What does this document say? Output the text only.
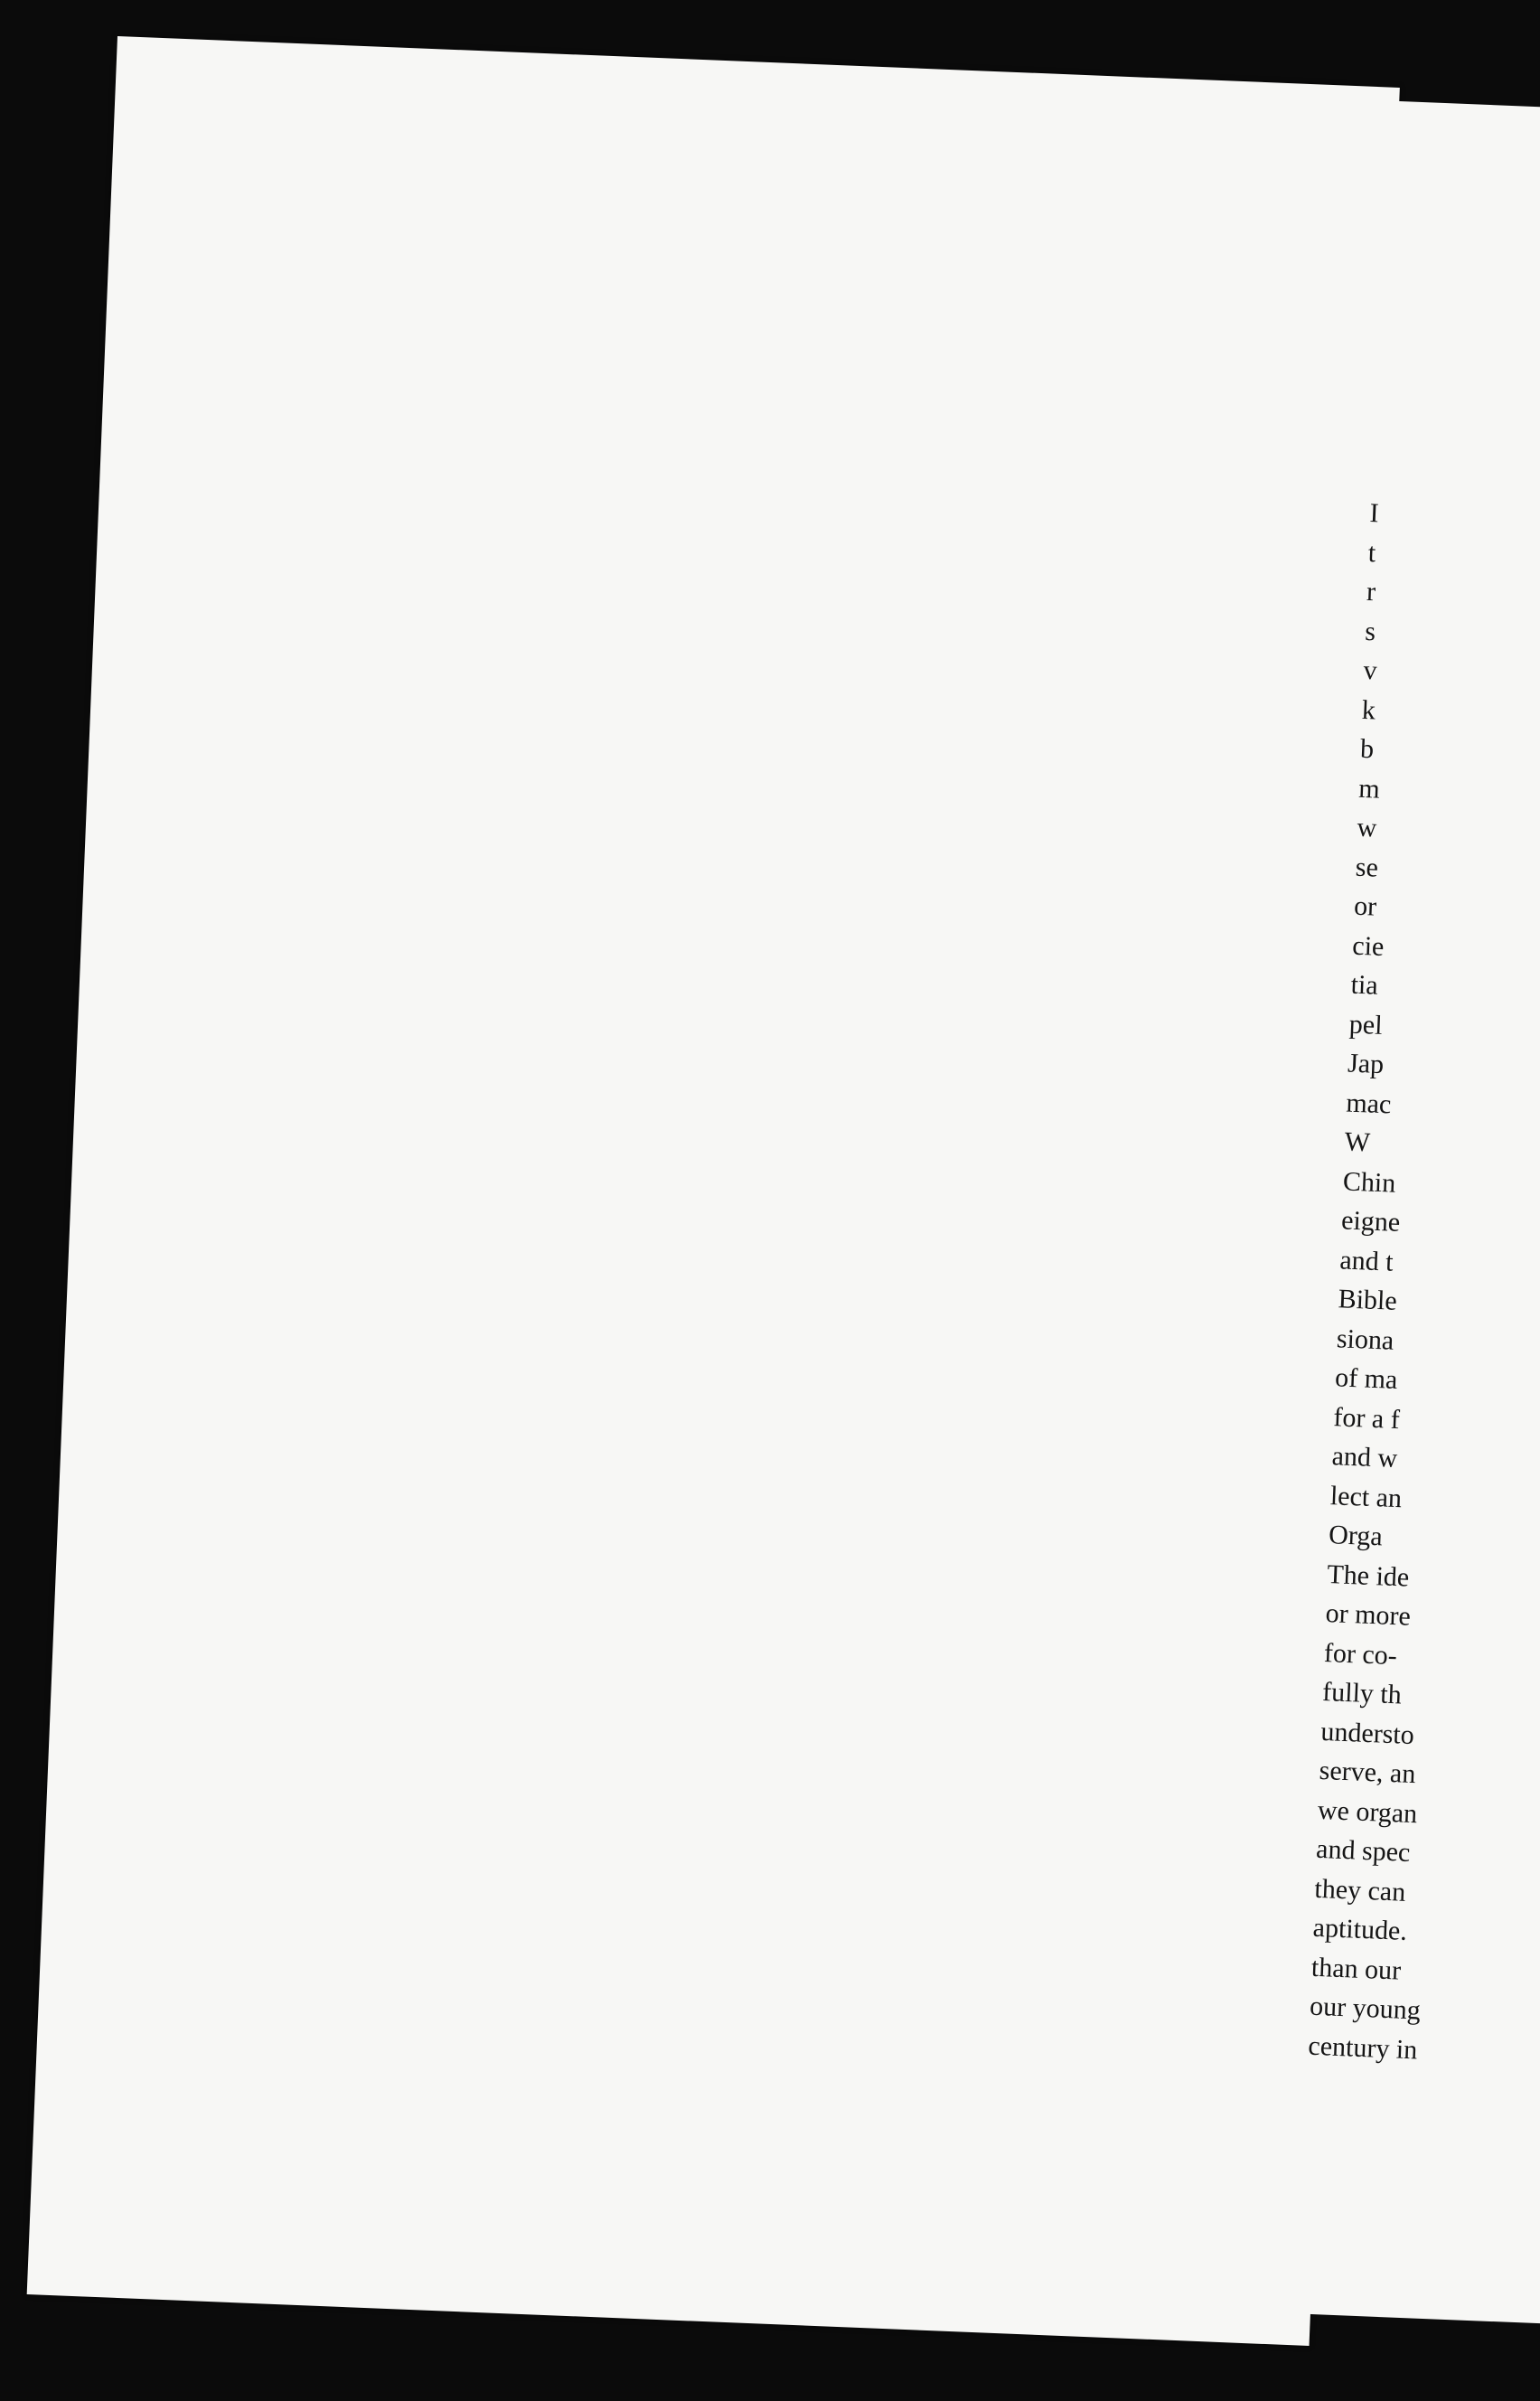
I
t
r
s
v
k
b
m
w
se
or
cie
tia
pel
Jap
mac
W
Chin
eigne
and t
Bible
siona
of ma
for a f
and w
lect an
Orga
The ide
or more
for co-
fully th
understo
serve, an
we organ
and spec
they can
aptitude.
than our
our young
century in
